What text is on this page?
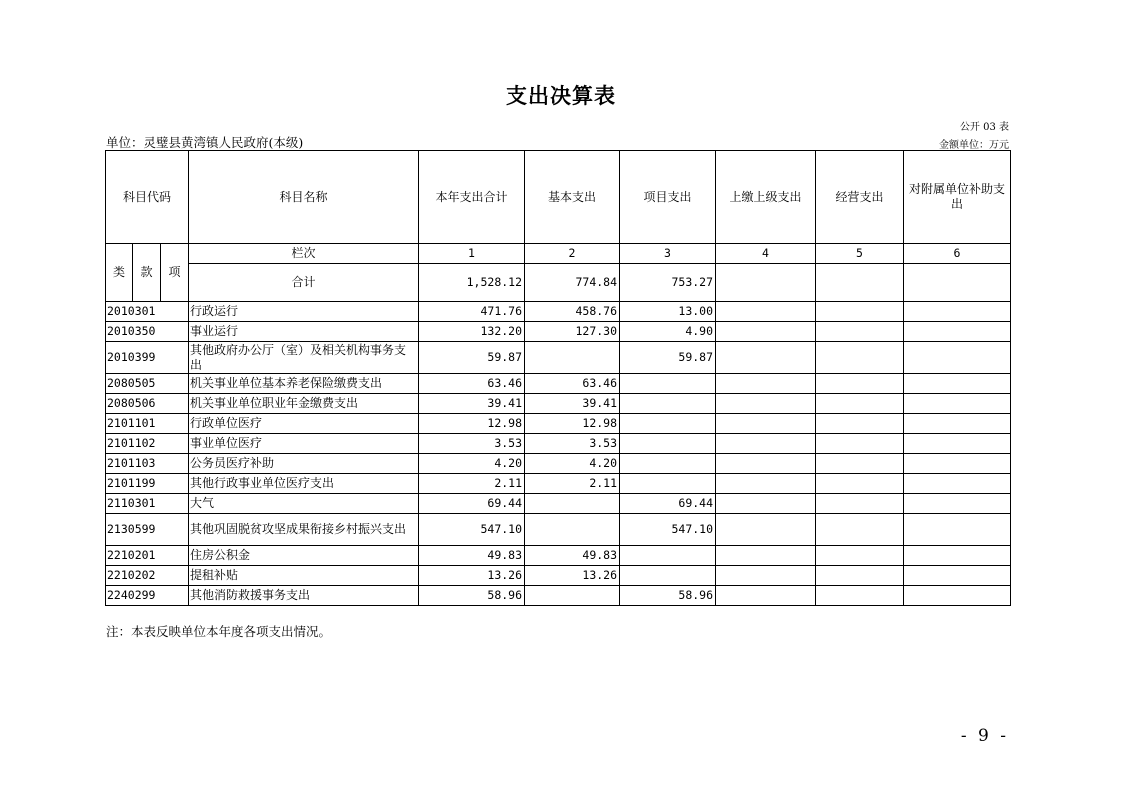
支出决算表
公开 03 表
单位：灵璧县黄湾镇人民政府(本级)	金额单位：万元
科目代码			科目名称	本年支出合计	基本支出	项目支出	上缴上级支出	经营支出	对附属单位补助支出
类	款	项	栏次	1	2	3	4	5	6
			合计	1,528.12	774.84	753.27			
2010301			行政运行	471.76	458.76	13.00			
2010350			事业运行	132.20	127.30	4.90			
2010399			其他政府办公厅（室）及相关机构事务支出	59.87		59.87			
2080505			机关事业单位基本养老保险缴费支出	63.46	63.46				
2080506			机关事业单位职业年金缴费支出	39.41	39.41				
2101101			行政单位医疗	12.98	12.98				
2101102			事业单位医疗	3.53	3.53				
2101103			公务员医疗补助	4.20	4.20				
2101199			其他行政事业单位医疗支出	2.11	2.11				
2110301			大气	69.44		69.44			
2130599			其他巩固脱贫攻坚成果衔接乡村振兴支出	547.10		547.10			
2210201			住房公积金	49.83	49.83				
2210202			提租补贴	13.26	13.26				
2240299			其他消防救援事务支出	58.96		58.96			
注：本表反映单位本年度各项支出情况。
- 9 -
